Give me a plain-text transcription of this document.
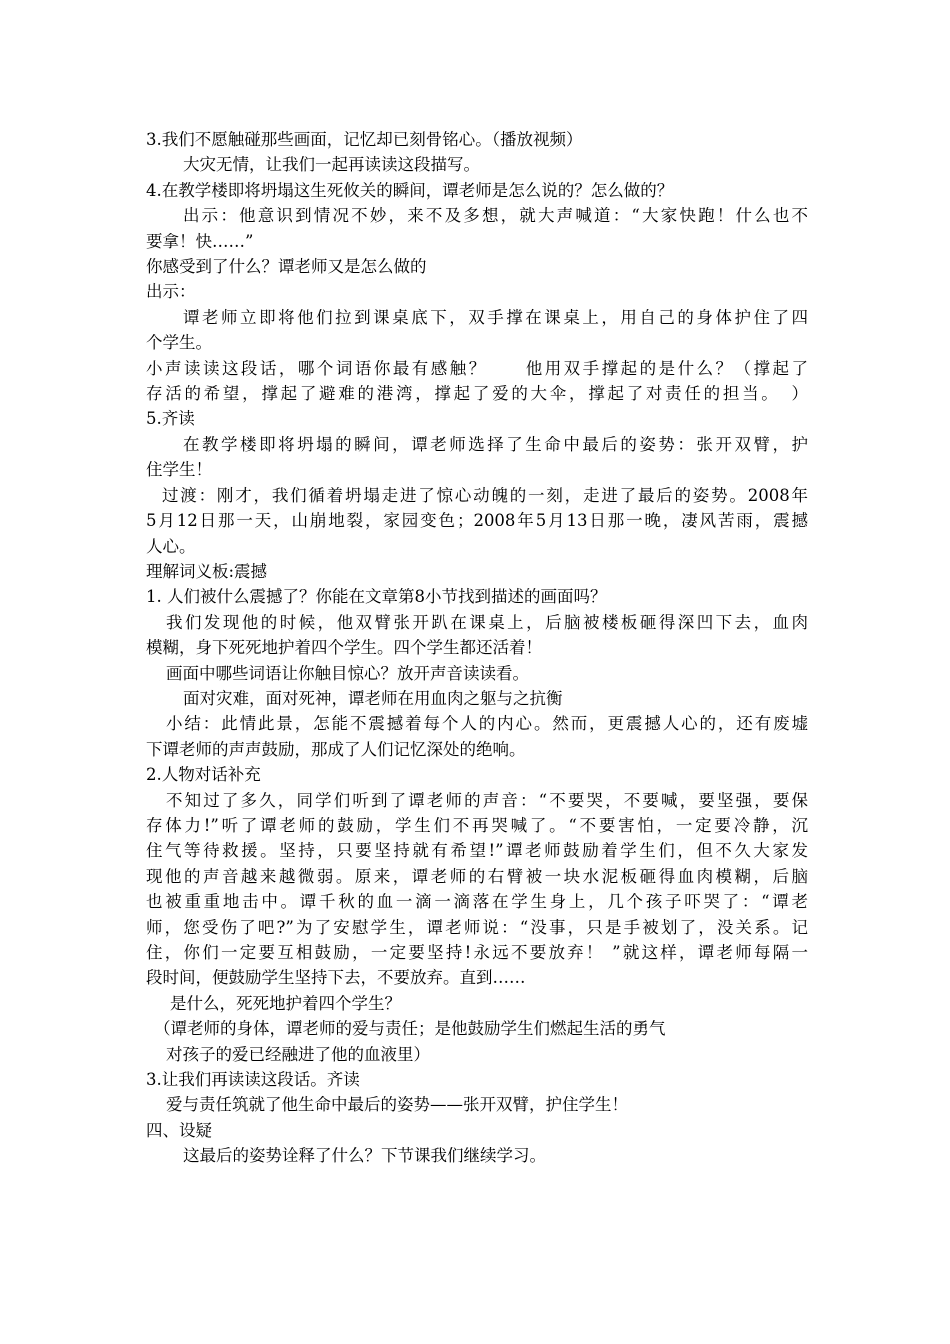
3.我们不愿触碰那些画面，记忆却已刻骨铭心。（播放视频）
大灾无情，让我们一起再读读这段描写。
4.在教学楼即将坍塌这生死攸关的瞬间，谭老师是怎么说的？怎么做的？
出示：他意识到情况不妙，来不及多想，就大声喊道：“大家快跑！什么也不
要拿！快……”
你感受到了什么？谭老师又是怎么做的
出示：
谭老师立即将他们拉到课桌底下，双手撑在课桌上，用自己的身体护住了四
个学生。
小声读读这段话，哪个词语你最有感触？　　他用双手撑起的是什么？（撑起了
存活的希望，撑起了避难的港湾，撑起了爱的大伞，撑起了对责任的担当。　）
5.齐读
在教学楼即将坍塌的瞬间，谭老师选择了生命中最后的姿势：张开双臂，护
住学生！
过渡：刚才，我们循着坍塌走进了惊心动魄的一刻，走进了最后的姿势。2008年
5月12日那一天，山崩地裂，家园变色；2008年5月13日那一晚，凄风苦雨，震撼
人心。
理解词义板:震撼
1. 人们被什么震撼了？你能在文章第8小节找到描述的画面吗？
我们发现他的时候，他双臂张开趴在课桌上，后脑被楼板砸得深凹下去，血肉
模糊，身下死死地护着四个学生。四个学生都还活着！
画面中哪些词语让你触目惊心？放开声音读读看。
面对灾难，面对死神，谭老师在用血肉之躯与之抗衡
小结：此情此景，怎能不震撼着每个人的内心。然而，更震撼人心的，还有废墟
下谭老师的声声鼓励，那成了人们记忆深处的绝响。
2.人物对话补充
不知过了多久，同学们听到了谭老师的声音：“不要哭，不要喊，要坚强，要保
存体力!”听了谭老师的鼓励，学生们不再哭喊了。“不要害怕，一定要冷静，沉
住气等待救援。坚持，只要坚持就有希望!”谭老师鼓励着学生们，但不久大家发
现他的声音越来越微弱。原来，谭老师的右臂被一块水泥板砸得血肉模糊，后脑
也被重重地击中。谭千秋的血一滴一滴落在学生身上，几个孩子吓哭了：“谭老
师，您受伤了吧?”为了安慰学生，谭老师说：“没事，只是手被划了，没关系。记
住，你们一定要互相鼓励，一定要坚持!永远不要放弃！ ”就这样，谭老师每隔一
段时间，便鼓励学生坚持下去，不要放弃。直到……
是什么，死死地护着四个学生？
（谭老师的身体，谭老师的爱与责任；是他鼓励学生们燃起生活的勇气
对孩子的爱已经融进了他的血液里）
3.让我们再读读这段话。齐读
爱与责任筑就了他生命中最后的姿势——张开双臂，护住学生！
四、设疑
这最后的姿势诠释了什么？下节课我们继续学习。
